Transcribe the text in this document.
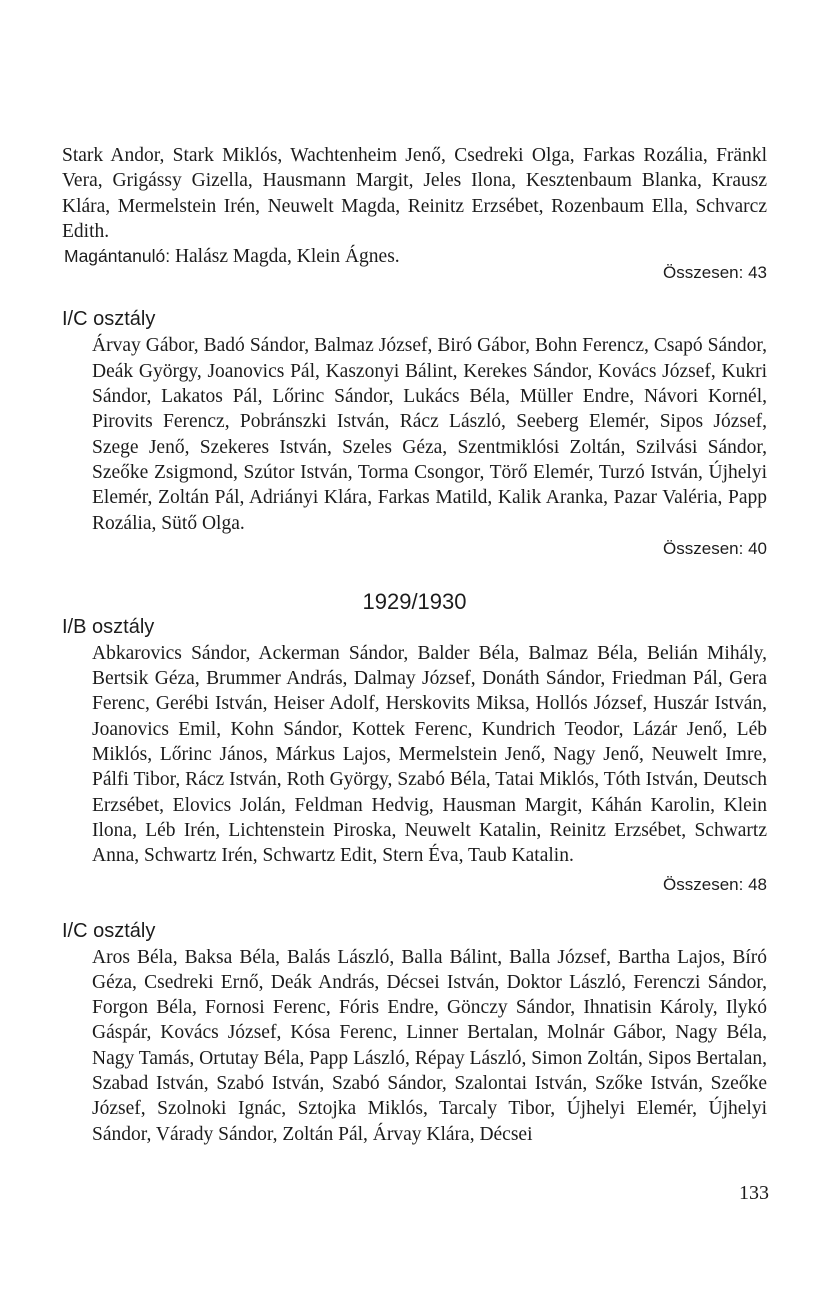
Stark Andor, Stark Miklós, Wachtenheim Jenő, Csedreki Olga, Farkas Rozália, Fränkl Vera, Grigássy Gizella, Hausmann Margit, Jeles Ilona, Kesztenbaum Blanka, Krausz Klára, Mermelstein Irén, Neuwelt Magda, Reinitz Erzsébet, Rozenbaum Ella, Schvarcz Edith.

Magántanuló: Halász Magda, Klein Ágnes.

Összesen: 43

I/C osztály

Árvay Gábor, Badó Sándor, Balmaz József, Biró Gábor, Bohn Ferencz, Csapó Sándor, Deák György, Joanovics Pál, Kaszonyi Bálint, Kerekes Sándor, Kovács József, Kukri Sándor, Lakatos Pál, Lőrinc Sándor, Lukács Béla, Müller Endre, Návori Kornél, Pirovits Ferencz, Pobránszki István, Rácz László, Seeberg Elemér, Sipos József, Szege Jenő, Szekeres István, Szeles Géza, Szentmiklósi Zoltán, Szilvási Sándor, Szeőke Zsigmond, Szútor István, Torma Csongor, Törő Elemér, Turzó István, Újhelyi Elemér, Zoltán Pál, Adriányi Klára, Farkas Matild, Kalik Aranka, Pazar Valéria, Papp Rozália, Sütő Olga.

Összesen: 40

1929/1930

I/B osztály

Abkarovics Sándor, Ackerman Sándor, Balder Béla, Balmaz Béla, Belián Mihály, Bertsik Géza, Brummer András, Dalmay József, Donáth Sándor, Friedman Pál, Gera Ferenc, Gerébi István, Heiser Adolf, Herskovits Miksa, Hollós József, Huszár István, Joanovics Emil, Kohn Sándor, Kottek Ferenc, Kundrich Teodor, Lázár Jenő, Léb Miklós, Lőrinc János, Márkus Lajos, Mermelstein Jenő, Nagy Jenő, Neuwelt Imre, Pálfi Tibor, Rácz István, Roth György, Szabó Béla, Tatai Miklós, Tóth István, Deutsch Erzsébet, Elovics Jolán, Feldman Hedvig, Hausman Margit, Káhán Karolin, Klein Ilona, Léb Irén, Lichtenstein Piroska, Neuwelt Katalin, Reinitz Erzsébet, Schwartz Anna, Schwartz Irén, Schwartz Edit, Stern Éva, Taub Katalin.

Összesen: 48

I/C osztály

Aros Béla, Baksa Béla, Balás László, Balla Bálint, Balla József, Bartha Lajos, Bíró Géza, Csedreki Ernő, Deák András, Décsei István, Doktor László, Ferenczi Sándor, Forgon Béla, Fornosi Ferenc, Fóris Endre, Gönczy Sándor, Ihnatisin Károly, Ilykó Gáspár, Kovács József, Kósa Ferenc, Linner Bertalan, Molnár Gábor, Nagy Béla, Nagy Tamás, Ortutay Béla, Papp László, Répay László, Simon Zoltán, Sipos Bertalan, Szabad István, Szabó István, Szabó Sándor, Szalontai István, Szőke István, Szeőke József, Szolnoki Ignác, Sztojka Miklós, Tarcaly Tibor, Újhelyi Elemér, Újhelyi Sándor, Várady Sándor, Zoltán Pál, Árvay Klára, Décsei

133
